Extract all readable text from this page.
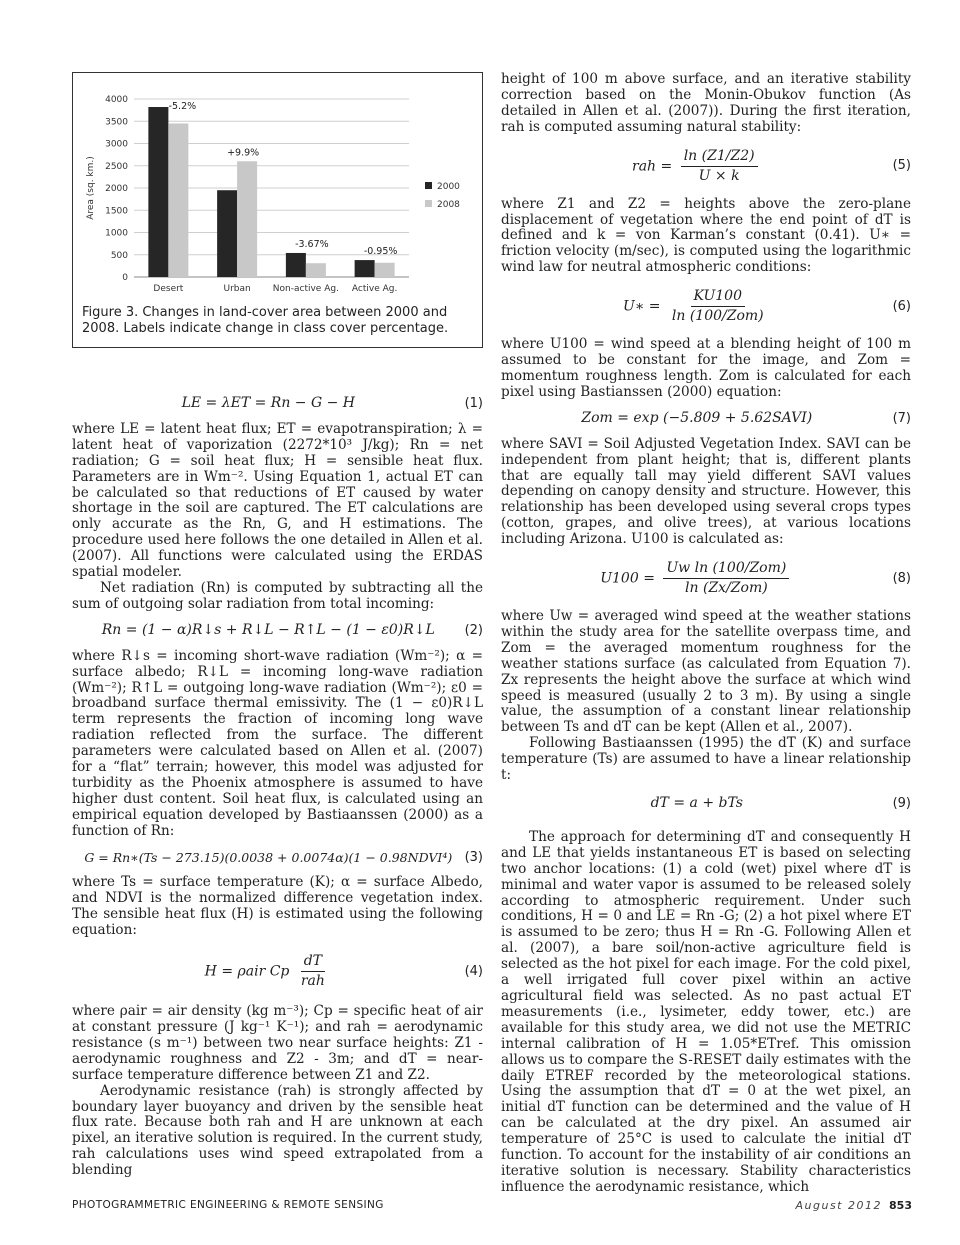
4000
3500
3000
2500
2000
1500
1000
500
0
Area (sq. km.)
Desert
-5.2%
Urban
+9.9%
Non-active Ag.
-3.67%
Active Ag.
-0.95%
2000
2008
Figure 3. Changes in land-cover area between 2000 and 2008. Labels indicate change in class cover percentage.
LE = λET = Rn − G − H	(1)

where LE = latent heat flux; ET = evapotranspiration; λ = latent heat of vaporization (2272*10³ J/kg); Rn = net radiation; G = soil heat flux; H = sensible heat flux. Parameters are in Wm⁻². Using Equation 1, actual ET can be calculated so that reductions of ET caused by water shortage in the soil are captured. The ET calculations are only accurate as the Rn, G, and H estimations. The procedure used here follows the one detailed in Allen et al. (2007). All functions were calculated using the ERDAS spatial modeler.

Net radiation (Rn) is computed by subtracting all the sum of outgoing solar radiation from total incoming:

Rn = (1 − α)R↓s + R↓L − R↑L − (1 − ε0)R↓L	(2)

where R↓s = incoming short-wave radiation (Wm⁻²); α = surface albedo; R↓L = incoming long-wave radiation (Wm⁻²); R↑L = outgoing long-wave radiation (Wm⁻²); ε0 = broadband surface thermal emissivity. The (1 − ε0)R↓L term represents the fraction of incoming long wave radiation reflected from the surface. The different parameters were calculated based on Allen et al. (2007) for a “flat” terrain; however, this model was adjusted for turbidity as the Phoenix atmosphere is assumed to have higher dust content. Soil heat flux, is calculated using an empirical equation developed by Bastiaanssen (2000) as a function of Rn:

G = Rn∗(Ts − 273.15)(0.0038 + 0.0074α)(1 − 0.98NDVI⁴) (3)

where Ts = surface temperature (K); α = surface Albedo, and NDVI is the normalized difference vegetation index. The sensible heat flux (H) is estimated using the following equation:

H = ρair Cp $\frac{dT}{\text{rah}}$	(4)

where ρair = air density (kg m⁻³); Cp = specific heat of air at constant pressure (J kg⁻¹ K⁻¹); and rah = aerodynamic resistance (s m⁻¹) between two near surface heights: Z1 - aerodynamic roughness and Z2 - 3m; and dT = near-surface temperature difference between Z1 and Z2.

Aerodynamic resistance (rah) is strongly affected by boundary layer buoyancy and driven by the sensible heat flux rate. Because both rah and H are unknown at each pixel, an iterative solution is required. In the current study, rah calculations uses wind speed extrapolated from a blending

height of 100 m above surface, and an iterative stability correction based on the Monin-Obukov function (As detailed in Allen et al. (2007)). During the first iteration, rah is computed assuming natural stability:

rah = $\frac{\ln (Z1/Z2)}{U \times k}$	(5)

where Z1 and Z2 = heights above the zero-plane displacement of vegetation where the end point of dT is defined and k = von Karman’s constant (0.41). U∗ = friction velocity (m/sec), is computed using the logarithmic wind law for neutral atmospheric conditions:

U∗ = $\frac{KU100}{\text{ln (100/Zom)}}$	(6)

where U100 = wind speed at a blending height of 100 m assumed to be constant for the image, and Zom = momentum roughness length. Zom is calculated for each pixel using Bastianssen (2000) equation:

Zom = exp (−5.809 + 5.62SAVI)	(7)

where SAVI = Soil Adjusted Vegetation Index. SAVI can be independent from plant height; that is, different plants that are equally tall may yield different SAVI values depending on canopy density and structure. However, this relationship has been developed using several crops types (cotton, grapes, and olive trees), at various locations including Arizona. U100 is calculated as:

$U100 = \frac{\text{Uw ln (100/Zom)}}{\text{ln (Zx/Zom)}}$	(8)

where Uw = averaged wind speed at the weather stations within the study area for the satellite overpass time, and Zom = the averaged momentum roughness for the weather stations surface (as calculated from Equation 7). Zx represents the height above the surface at which wind speed is measured (usually 2 to 3 m). By using a single value, the assumption of a constant linear relationship between Ts and dT can be kept (Allen et al., 2007).

Following Bastiaanssen (1995) the dT (K) and surface temperature (Ts) are assumed to have a linear relationship t:

dT = a + bTs	(9)

The approach for determining dT and consequently H and LE that yields instantaneous ET is based on selecting two anchor locations: (1) a cold (wet) pixel where dT is minimal and water vapor is assumed to be released solely according to atmospheric requirement. Under such conditions, H = 0 and LE = Rn -G; (2) a hot pixel where ET is assumed to be zero; thus H = Rn -G. Following Allen et al. (2007), a bare soil/non-active agriculture field is selected as the hot pixel for each image. For the cold pixel, a well irrigated full cover pixel within an active agricultural field was selected. As no past actual ET measurements (i.e., lysimeter, eddy tower, etc.) are available for this study area, we did not use the METRIC internal calibration of H = 1.05*ETref. This omission allows us to compare the S-RESET daily estimates with the daily ETREF recorded by the meteorological stations. Using the assumption that dT = 0 at the wet pixel, an initial dT function can be determined and the value of H can be calculated at the dry pixel. An assumed air temperature of 25°C is used to calculate the initial dT function. To account for the instability of air conditions an iterative solution is necessary. Stability characteristics influence the aerodynamic resistance, which

PHOTOGRAMMETRIC ENGINEERING & REMOTE SENSING	August 2012 853
